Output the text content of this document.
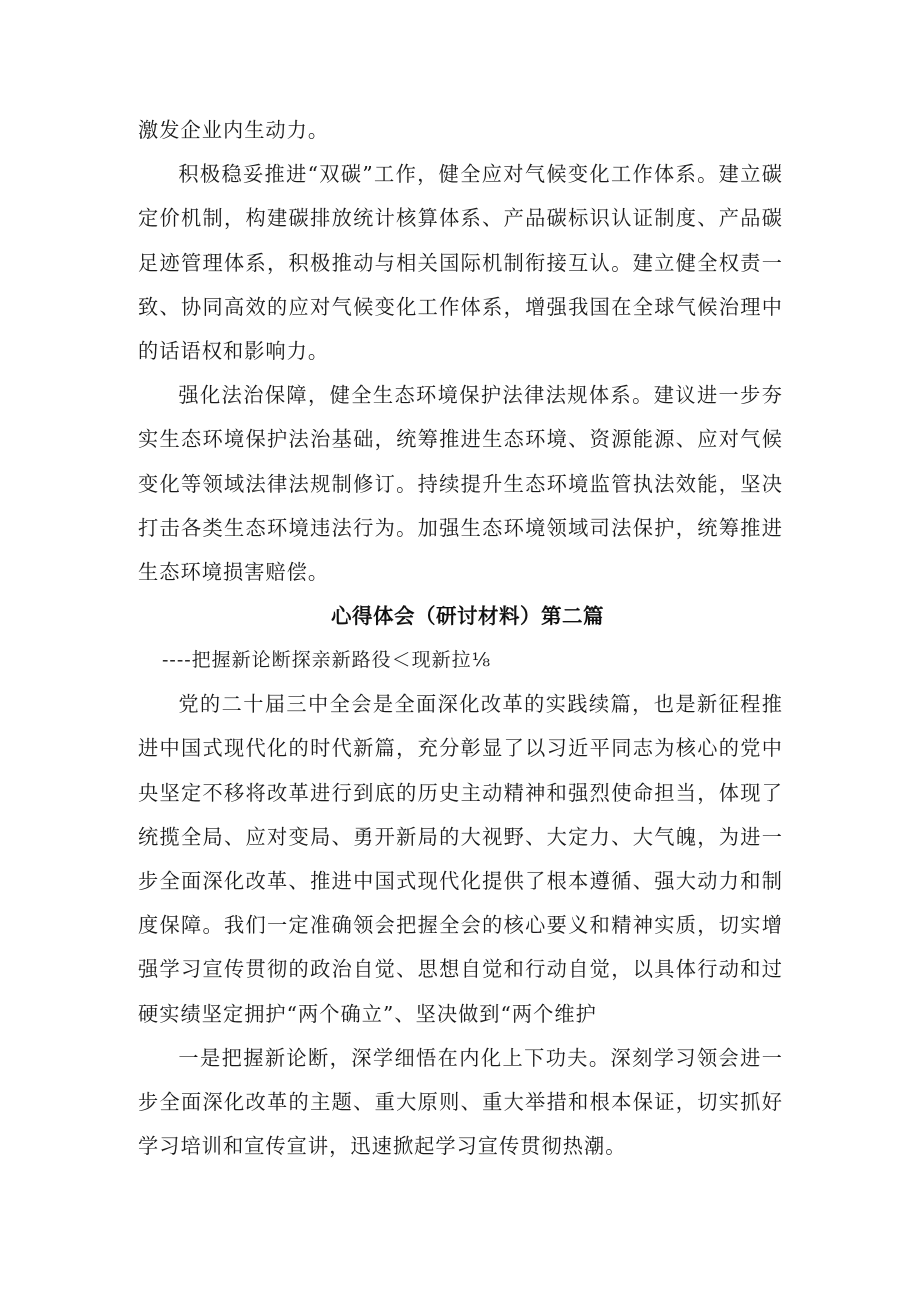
激发企业内生动力。

积极稳妥推进“双碳”工作，健全应对气候变化工作体系。建立碳定价机制，构建碳排放统计核算体系、产品碳标识认证制度、产品碳足迹管理体系，积极推动与相关国际机制衔接互认。建立健全权责一致、协同高效的应对气候变化工作体系，增强我国在全球气候治理中的话语权和影响力。

强化法治保障，健全生态环境保护法律法规体系。建议进一步夯实生态环境保护法治基础，统筹推进生态环境、资源能源、应对气候变化等领域法律法规制修订。持续提升生态环境监管执法效能，坚决打击各类生态环境违法行为。加强生态环境领域司法保护，统筹推进生态环境损害赔偿。

心得体会（研讨材料）第二篇

----把握新论断探亲新路役＜现新拉⅛

党的二十届三中全会是全面深化改革的实践续篇，也是新征程推进中国式现代化的时代新篇，充分彰显了以习近平同志为核心的党中央坚定不移将改革进行到底的历史主动精神和强烈使命担当，体现了统揽全局、应对变局、勇开新局的大视野、大定力、大气魄，为进一步全面深化改革、推进中国式现代化提供了根本遵循、强大动力和制度保障。我们一定准确领会把握全会的核心要义和精神实质，切实增强学习宣传贯彻的政治自觉、思想自觉和行动自觉，以具体行动和过硬实绩坚定拥护“两个确立”、坚决做到“两个维护

一是把握新论断，深学细悟在内化上下功夫。深刻学习领会进一步全面深化改革的主题、重大原则、重大举措和根本保证，切实抓好学习培训和宣传宣讲，迅速掀起学习宣传贯彻热潮。
